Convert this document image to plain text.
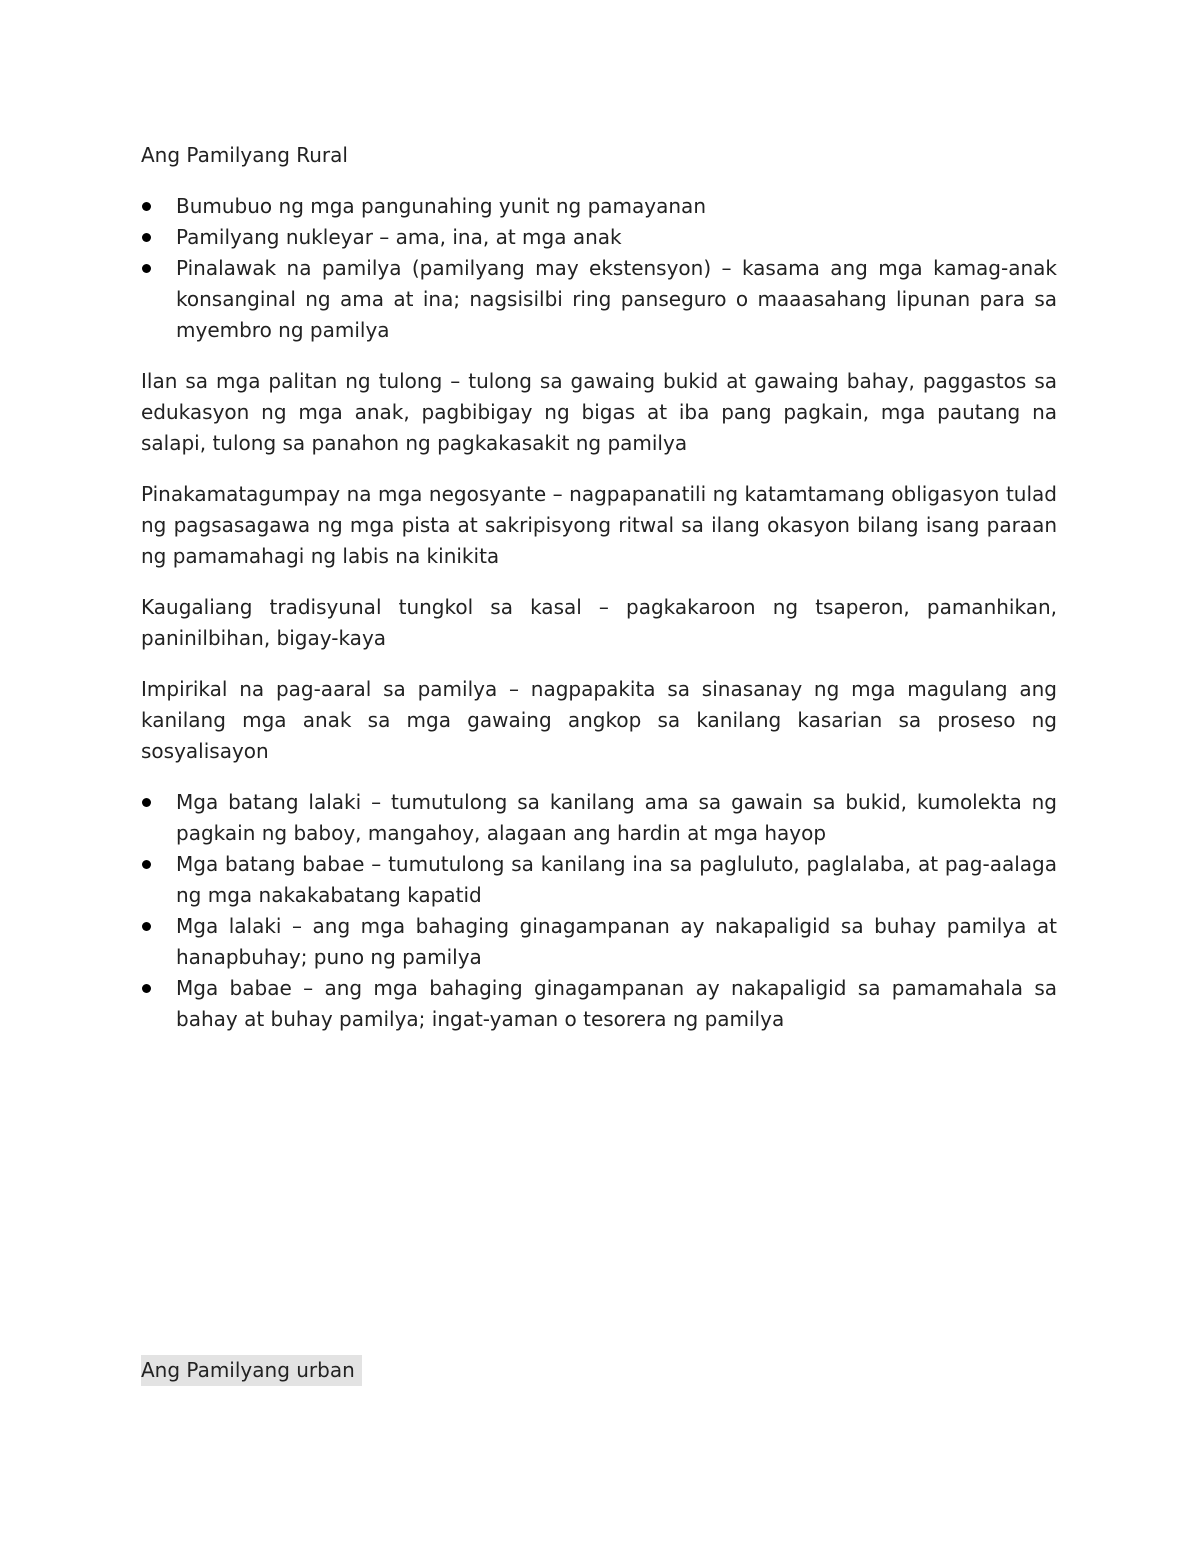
Ang Pamilyang Rural
Bumubuo ng mga pangunahing yunit ng pamayanan
Pamilyang nukleyar – ama, ina, at mga anak
Pinalawak na pamilya (pamilyang may ekstensyon) – kasama ang mga kamag-anak konsanginal ng ama at ina; nagsisilbi ring panseguro o maaasahang lipunan para sa myembro ng pamilya

Ilan sa mga palitan ng tulong – tulong sa gawaing bukid at gawaing bahay, paggastos sa edukasyon ng mga anak, pagbibigay ng bigas at iba pang pagkain, mga pautang na salapi, tulong sa panahon ng pagkakasakit ng pamilya

Pinakamatagumpay na mga negosyante – nagpapanatili ng katamtamang obligasyon tulad ng pagsasagawa ng mga pista at sakripisyong ritwal sa ilang okasyon bilang isang paraan ng pamamahagi ng labis na kinikita

Kaugaliang tradisyunal tungkol sa kasal – pagkakaroon ng tsaperon, pamanhikan, paninilbihan, bigay-kaya

Impirikal na pag-aaral sa pamilya – nagpapakita sa sinasanay ng mga magulang ang kanilang mga anak sa mga gawaing angkop sa kanilang kasarian sa proseso ng sosyalisayon

Mga batang lalaki – tumutulong sa kanilang ama sa gawain sa bukid, kumolekta ng pagkain ng baboy, mangahoy, alagaan ang hardin at mga hayop
Mga batang babae – tumutulong sa kanilang ina sa pagluluto, paglalaba, at pag-aalaga ng mga nakakabatang kapatid
Mga lalaki – ang mga bahaging ginagampanan ay nakapaligid sa buhay pamilya at hanapbuhay; puno ng pamilya
Mga babae – ang mga bahaging ginagampanan ay nakapaligid sa pamamahala sa bahay at buhay pamilya; ingat-yaman o tesorera ng pamilya
Ang Pamilyang urban
